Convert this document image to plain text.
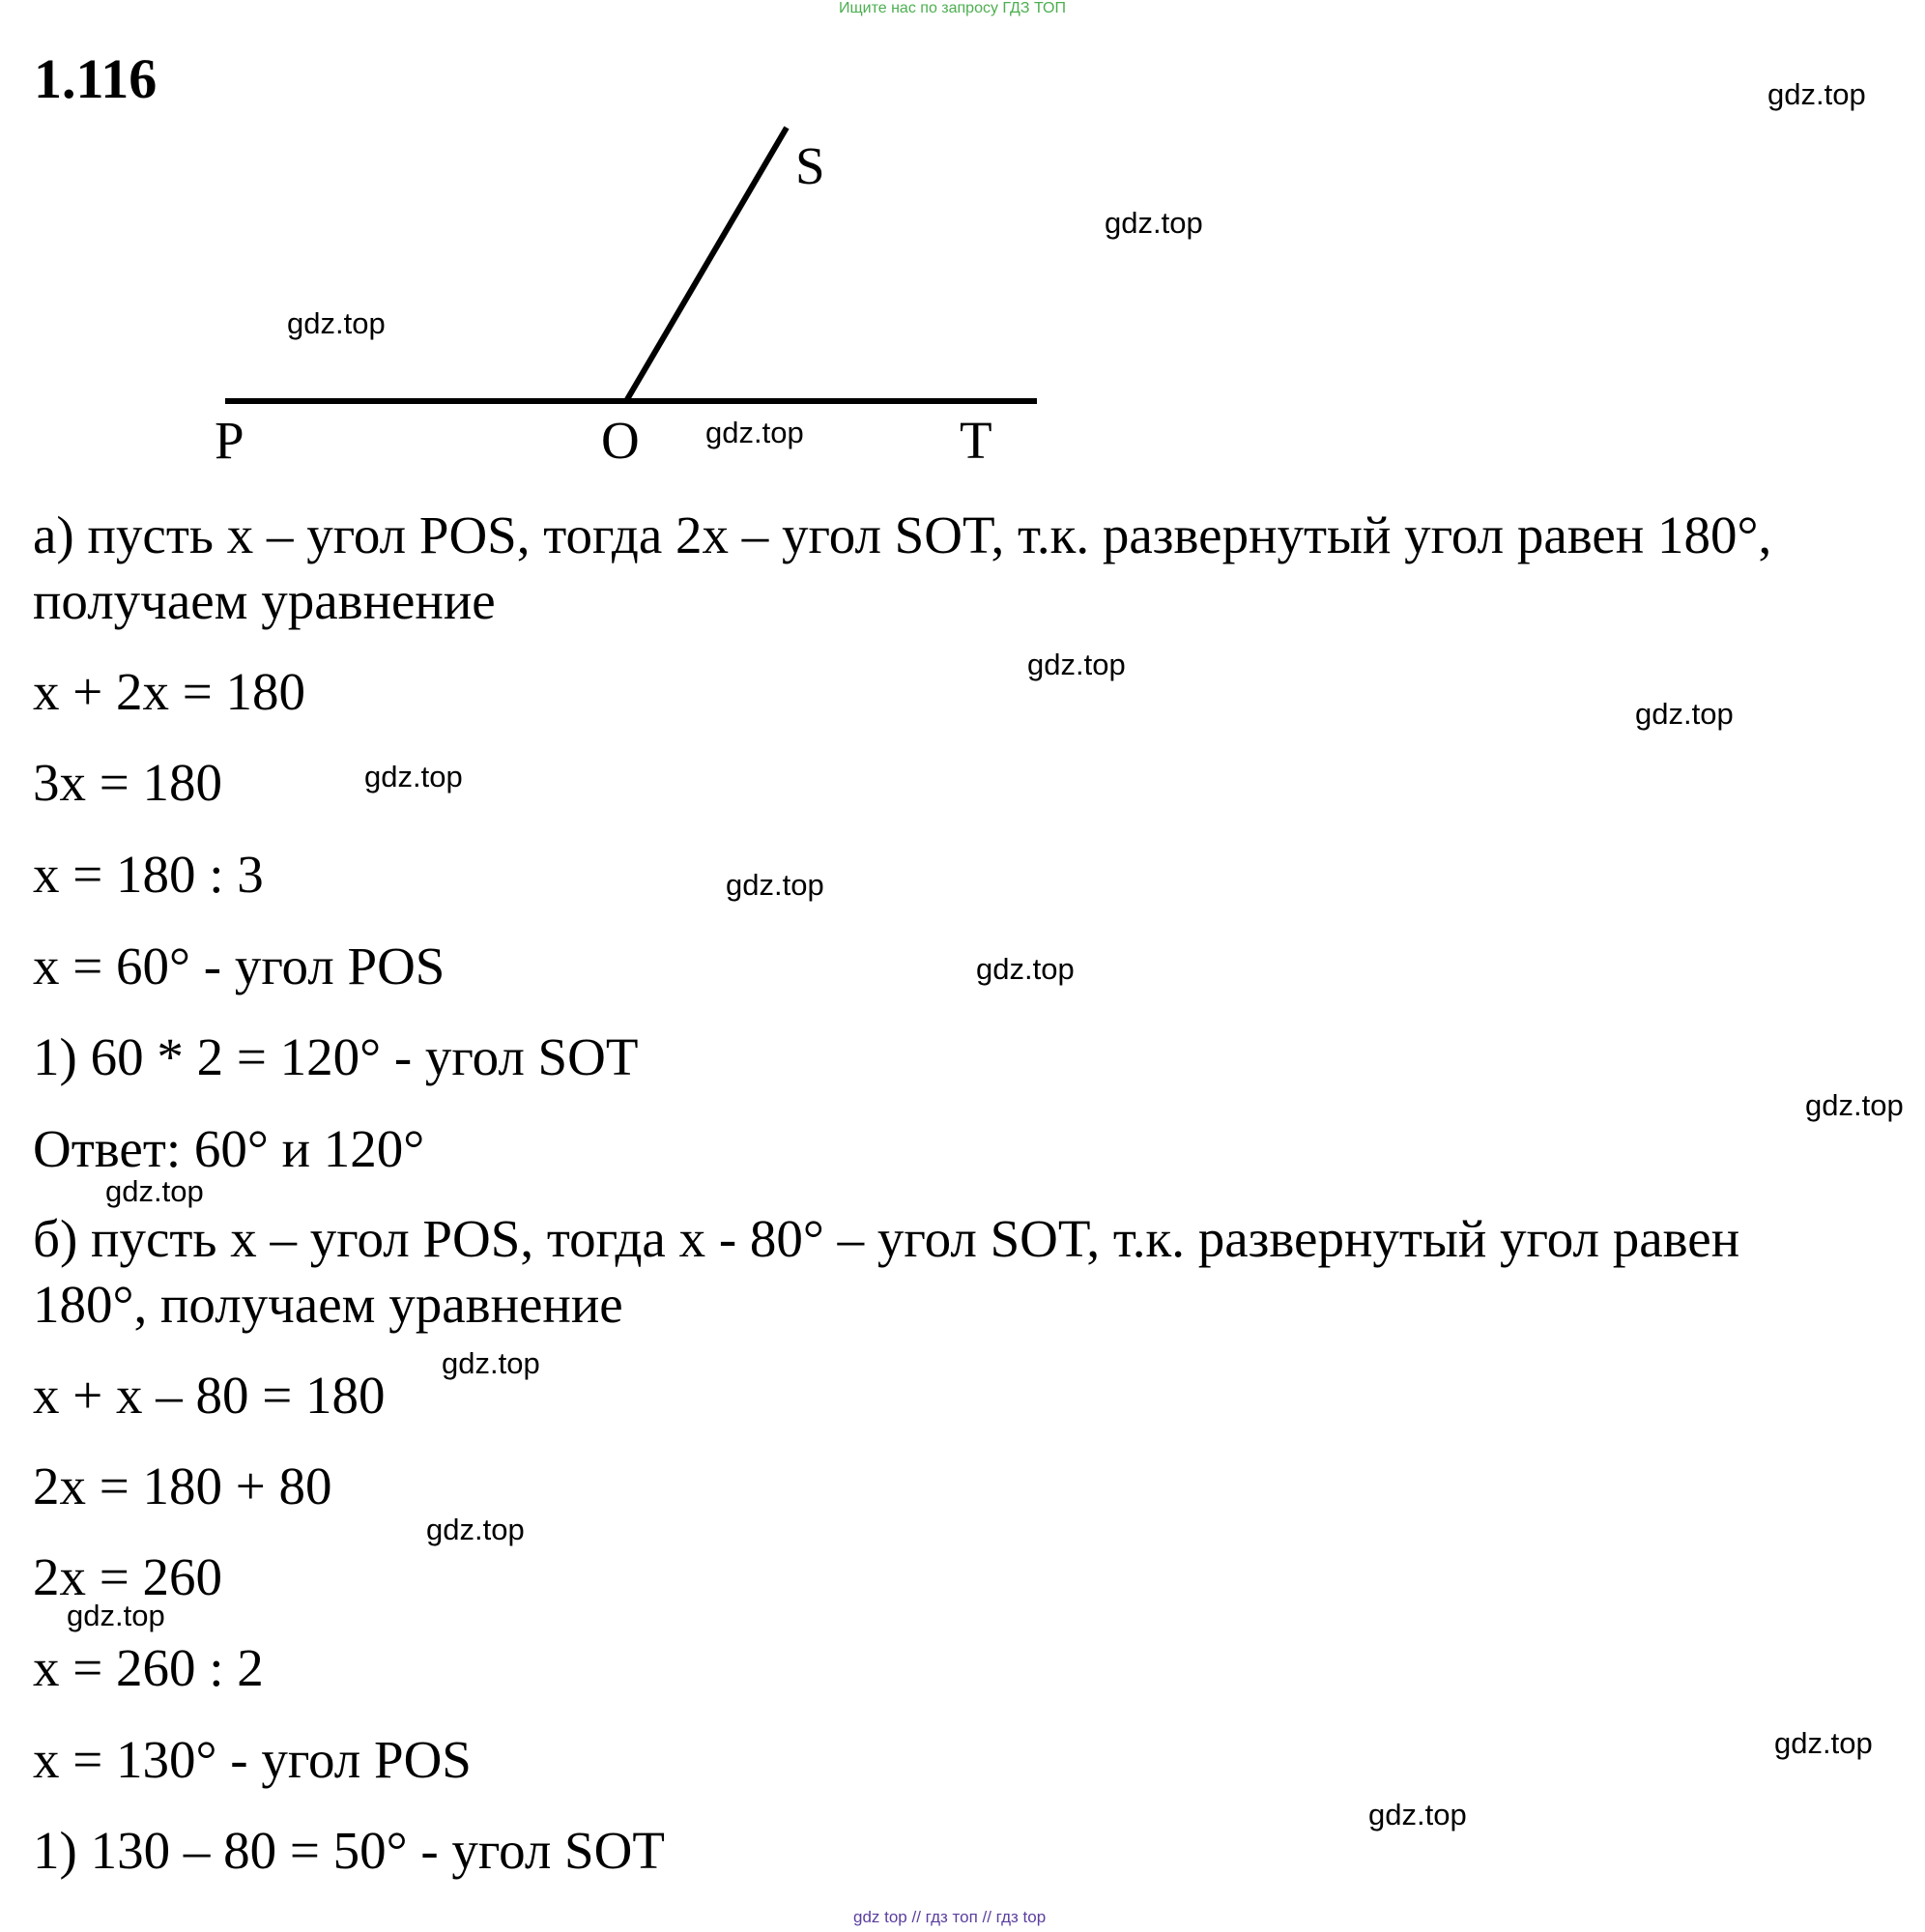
Ищите нас по запросу ГДЗ ТОП
1.116
S
P	O	T
а) пусть x – угол POS, тогда 2x – угол SOT, т.к. развернутый угол равен 180°,
получаем уравнение
x + 2x = 180
3x = 180
x = 180 : 3
x = 60° - угол POS
1) 60 * 2 = 120° - угол SOT
Ответ: 60° и 120°
б) пусть x – угол POS, тогда x - 80° – угол SOT, т.к. развернутый угол равен
180°, получаем уравнение
x + x – 80 = 180
2x = 180 + 80
2x = 260
x = 260 : 2
x = 130° - угол POS
1) 130 – 80 = 50° - угол SOT
gdz.top
gdz.top
gdz.top
gdz.top
gdz.top
gdz.top
gdz.top
gdz.top
gdz.top
gdz.top
gdz.top
gdz.top
gdz.top
gdz.top
gdz.top
gdz.top
gdz top // гдз топ // гдз top
